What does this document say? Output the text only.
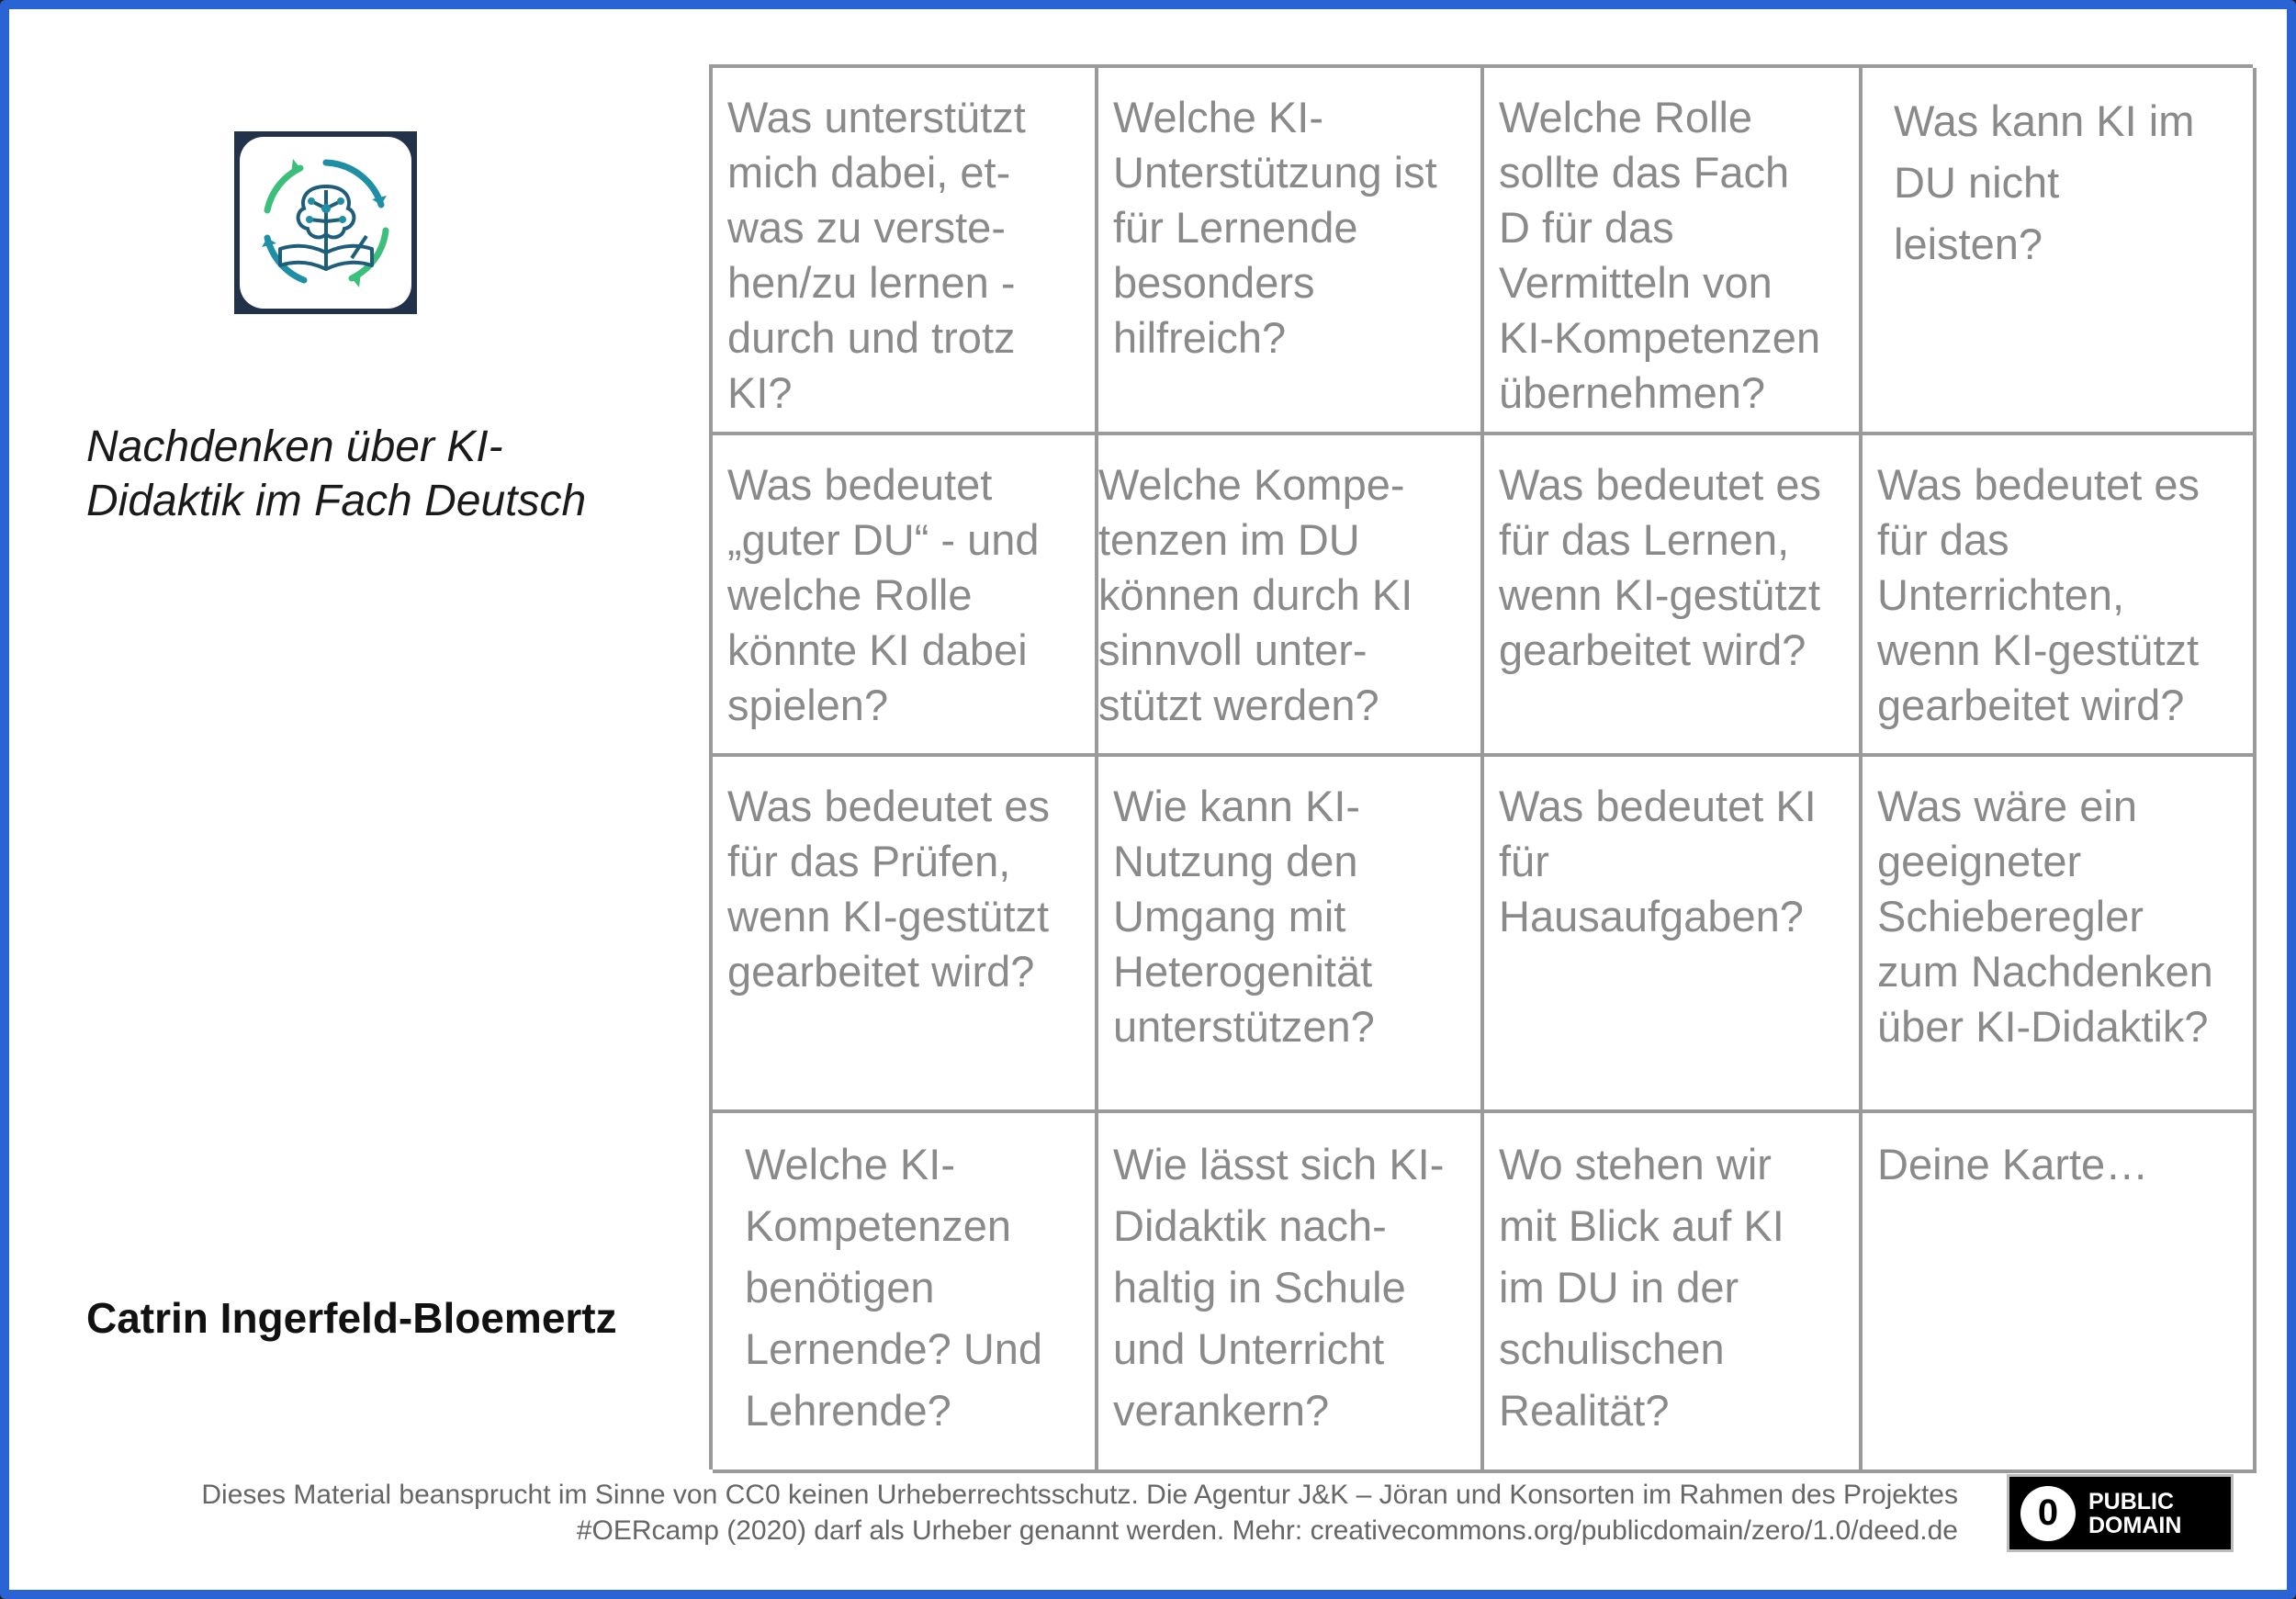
Nachdenken über KI-
Didaktik im Fach Deutsch
Catrin Ingerfeld-Bloemertz
Was unterstützt
mich dabei, et-
was zu verste-
hen/zu lernen -
durch und trotz
KI?
Welche KI-
Unterstützung ist
für Lernende
besonders
hilfreich?
Welche Rolle
sollte das Fach
D für das
Vermitteln von
KI-Kompetenzen
übernehmen?
Was kann KI im
DU nicht
leisten?
Was bedeutet
„guter DU“ - und
welche Rolle
könnte KI dabei
spielen?
Welche Kompe-
tenzen im DU
können durch KI
sinnvoll unter-
stützt werden?
Was bedeutet es
für das Lernen,
wenn KI-gestützt
gearbeitet wird?
Was bedeutet es
für das
Unterrichten,
wenn KI-gestützt
gearbeitet wird?
Was bedeutet es
für das Prüfen,
wenn KI-gestützt
gearbeitet wird?
Wie kann KI-
Nutzung den
Umgang mit
Heterogenität
unterstützen?
Was bedeutet KI
für
Hausaufgaben?
Was wäre ein
geeigneter
Schieberegler
zum Nachdenken
über KI-Didaktik?
Welche KI-
Kompetenzen
benötigen
Lernende? Und
Lehrende?
Wie lässt sich KI-
Didaktik nach-
haltig in Schule
und Unterricht
verankern?
Wo stehen wir
mit Blick auf KI
im DU in der
schulischen
Realität?
Deine Karte…
Dieses Material beansprucht im Sinne von CC0 keinen Urheberrechtsschutz. Die Agentur J&K – Jöran und Konsorten im Rahmen des Projektes
#OERcamp (2020) darf als Urheber genannt werden. Mehr: creativecommons.org/publicdomain/zero/1.0/deed.de 0 PUBLIC
DOMAIN
